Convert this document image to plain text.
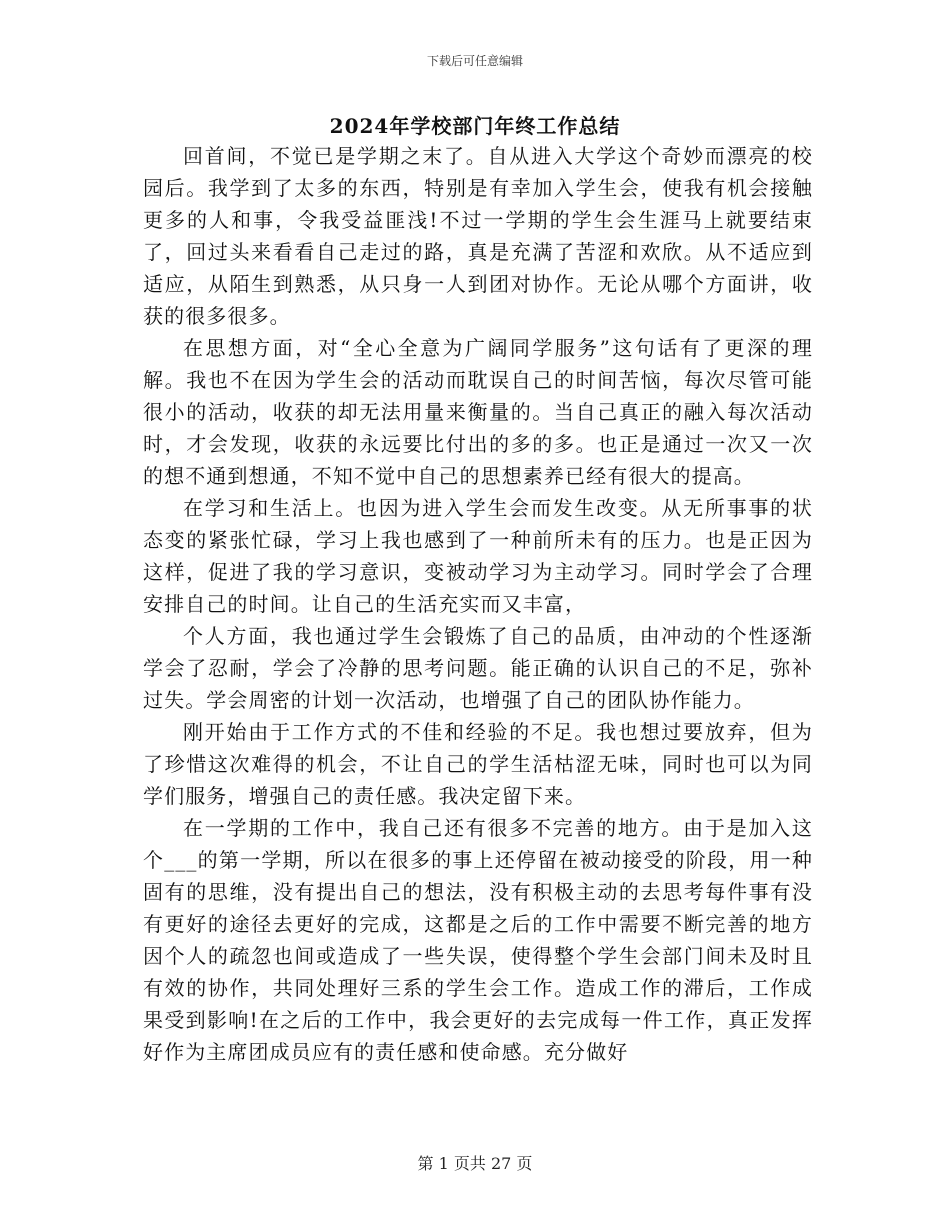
下载后可任意编辑
2024年学校部门年终工作总结

回首间，不觉已是学期之末了。自从进入大学这个奇妙而漂亮的校园后。我学到了太多的东西，特别是有幸加入学生会，使我有机会接触更多的人和事，令我受益匪浅!不过一学期的学生会生涯马上就要结束了，回过头来看看自己走过的路，真是充满了苦涩和欢欣。从不适应到适应，从陌生到熟悉，从只身一人到团对协作。无论从哪个方面讲，收获的很多很多。

在思想方面，对“全心全意为广阔同学服务”这句话有了更深的理解。我也不在因为学生会的活动而耽误自己的时间苦恼，每次尽管可能很小的活动，收获的却无法用量来衡量的。当自己真正的融入每次活动时，才会发现，收获的永远要比付出的多的多。也正是通过一次又一次的想不通到想通，不知不觉中自己的思想素养已经有很大的提高。

在学习和生活上。也因为进入学生会而发生改变。从无所事事的状态变的紧张忙碌，学习上我也感到了一种前所未有的压力。也是正因为这样，促进了我的学习意识，变被动学习为主动学习。同时学会了合理安排自己的时间。让自己的生活充实而又丰富，

个人方面，我也通过学生会锻炼了自己的品质，由冲动的个性逐渐学会了忍耐，学会了冷静的思考问题。能正确的认识自己的不足，弥补过失。学会周密的计划一次活动，也增强了自己的团队协作能力。

刚开始由于工作方式的不佳和经验的不足。我也想过要放弃，但为了珍惜这次难得的机会，不让自己的学生活枯涩无味，同时也可以为同学们服务，增强自己的责任感。我决定留下来。

在一学期的工作中，我自己还有很多不完善的地方。由于是加入这个___的第一学期，所以在很多的事上还停留在被动接受的阶段，用一种固有的思维，没有提出自己的想法，没有积极主动的去思考每件事有没有更好的途径去更好的完成，这都是之后的工作中需要不断完善的地方因个人的疏忽也间或造成了一些失误，使得整个学生会部门间未及时且有效的协作，共同处理好三系的学生会工作。造成工作的滞后，工作成果受到影响!在之后的工作中，我会更好的去完成每一件工作，真正发挥好作为主席团成员应有的责任感和使命感。充分做好

第 1 页共 27 页
